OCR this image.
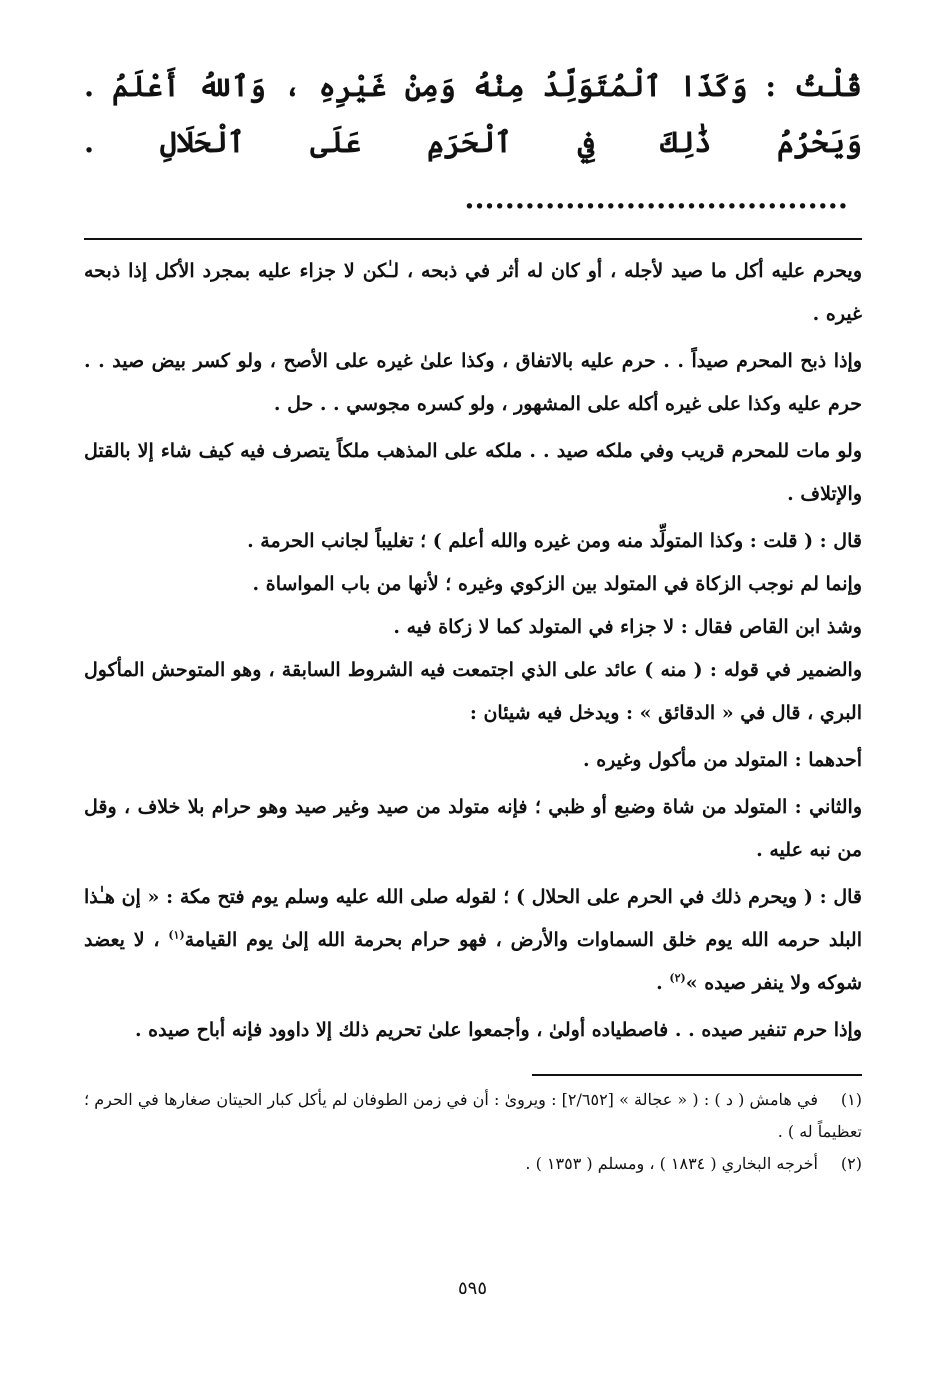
قُلْتُ : وَكَذَا ٱلْمُتَوَلِّدُ مِنْهُ وَمِنْ غَيْرِهِ ، وَٱللهُ أَعْلَمُ . وَيَحْرُمُ ذَٰلِكَ فِي ٱلْحَرَمِ عَلَى ٱلْحَلَالِ . ......................................

ويحرم عليه أكل ما صيد لأجله ، أو كان له أثر في ذبحه ، لـٰكن لا جزاء عليه بمجرد الأكل إذا ذبحه غيره .

وإذا ذبح المحرم صيداً . . حرم عليه بالاتفاق ، وكذا علىٰ غيره على الأصح ، ولو كسر بيض صيد . . حرم عليه وكذا على غيره أكله على المشهور ، ولو كسره مجوسي . . حل .

ولو مات للمحرم قريب وفي ملكه صيد . . ملكه على المذهب ملكاً يتصرف فيه كيف شاء إلا بالقتل والإتلاف .

قال : ( قلت : وكذا المتولِّد منه ومن غيره والله أعلم ) ؛ تغليباً لجانب الحرمة .

وإنما لم نوجب الزكاة في المتولد بين الزكوي وغيره ؛ لأنها من باب المواساة .

وشذ ابن القاص فقال : لا جزاء في المتولد كما لا زكاة فيه .

والضمير في قوله : ( منه ) عائد على الذي اجتمعت فيه الشروط السابقة ، وهو المتوحش المأكول البري ، قال في « الدقائق » : ويدخل فيه شيئان :

أحدهما : المتولد من مأكول وغيره .

والثاني : المتولد من شاة وضبع أو ظبي ؛ فإنه متولد من صيد وغير صيد وهو حرام بلا خلاف ، وقل من نبه عليه .

قال : ( ويحرم ذلك في الحرم على الحلال ) ؛ لقوله صلى الله عليه وسلم يوم فتح مكة : « إن هـٰذا البلد حرمه الله يوم خلق السماوات والأرض ، فهو حرام بحرمة الله إلىٰ يوم القيامة$^{(١)}$ ، لا يعضد شوكه ولا ينفر صيده »$^{(٢)}$ .

وإذا حرم تنفير صيده . . فاصطياده أولىٰ ، وأجمعوا علىٰ تحريم ذلك إلا داوود فإنه أباح صيده .

(١)في هامش ( د ) : ( « عجالة » [٢/٦٥٢] : ويروىٰ : أن في زمن الطوفان لم يأكل كبار الحيتان صغارها في الحرم ؛ تعظيماً له ) .

(٢)أخرجه البخاري ( ١٨٣٤ ) ، ومسلم ( ١٣٥٣ ) .

٥٩٥
